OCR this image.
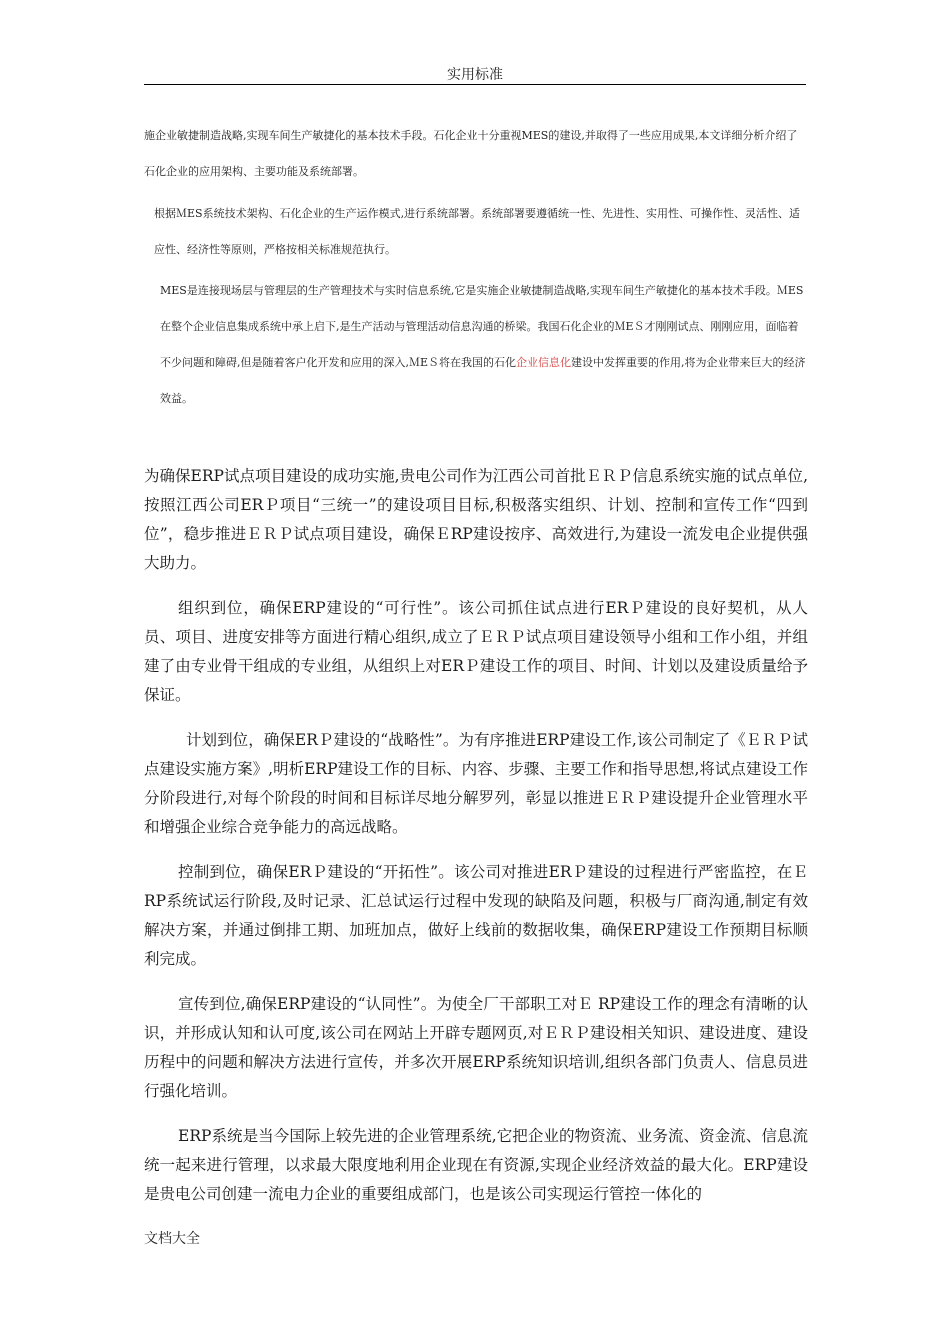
实用标准

施企业敏捷制造战略,实现车间生产敏捷化的基本技术手段。石化企业十分重视MES的建设,并取得了一些应用成果,本文详细分析介绍了石化企业的应用架构、主要功能及系统部署。

根据ＭES系统技术架构、石化企业的生产运作模式,进行系统部署。系统部署要遵循统一性、先进性、实用性、可操作性、灵活性、适应性、经济性等原则，严格按相关标准规范执行。

MES是连接现场层与管理层的生产管理技术与实时信息系统,它是实施企业敏捷制造战略,实现车间生产敏捷化的基本技术手段。ＭES在整个企业信息集成系统中承上启下,是生产活动与管理活动信息沟通的桥梁。我国石化企业的ＭEＳ才刚刚试点、刚刚应用，面临着不少问题和障碍,但是随着客户化开发和应用的深入,ＭEＳ将在我国的石化企业信息化建设中发挥重要的作用,将为企业带来巨大的经济效益。

为确保ERP试点项目建设的成功实施,贵电公司作为江西公司首批ＥＲＰ信息系统实施的试点单位,按照江西公司ERＰ项目“三统一”的建设项目目标,积极落实组织、计划、控制和宣传工作“四到位”，稳步推进ＥＲＰ试点项目建设，确保ＥRP建设按序、高效进行,为建设一流发电企业提供强大助力。

组织到位，确保ERP建设的“可行性”。该公司抓住试点进行ERＰ建设的良好契机，从人员、项目、进度安排等方面进行精心组织,成立了ＥＲＰ试点项目建设领导小组和工作小组，并组建了由专业骨干组成的专业组，从组织上对ERＰ建设工作的项目、时间、计划以及建设质量给予保证。

计划到位，确保ERＰ建设的“战略性”。为有序推进ERP建设工作,该公司制定了《ＥＲＰ试点建设实施方案》,明析ERP建设工作的目标、内容、步骤、主要工作和指导思想,将试点建设工作分阶段进行,对每个阶段的时间和目标详尽地分解罗列，彰显以推进ＥＲＰ建设提升企业管理水平和增强企业综合竞争能力的高远战略。

控制到位，确保ERＰ建设的“开拓性”。该公司对推进ERＰ建设的过程进行严密监控，在Ｅ RP系统试运行阶段,及时记录、汇总试运行过程中发现的缺陷及问题，积极与厂商沟通,制定有效解决方案，并通过倒排工期、加班加点，做好上线前的数据收集，确保ERP建设工作预期目标顺利完成。

宣传到位,确保ERP建设的“认同性”。为使全厂干部职工对Ｅ RP建设工作的理念有清晰的认识，并形成认知和认可度,该公司在网站上开辟专题网页,对ＥＲＰ建设相关知识、建设进度、建设历程中的问题和解决方法进行宣传，并多次开展ERP系统知识培训,组织各部门负责人、信息员进行强化培训。

ERP系统是当今国际上较先进的企业管理系统,它把企业的物资流、业务流、资金流、信息流统一起来进行管理，以求最大限度地利用企业现在有资源,实现企业经济效益的最大化。ERP建设是贵电公司创建一流电力企业的重要组成部门，也是该公司实现运行管控一体化的

文档大全
